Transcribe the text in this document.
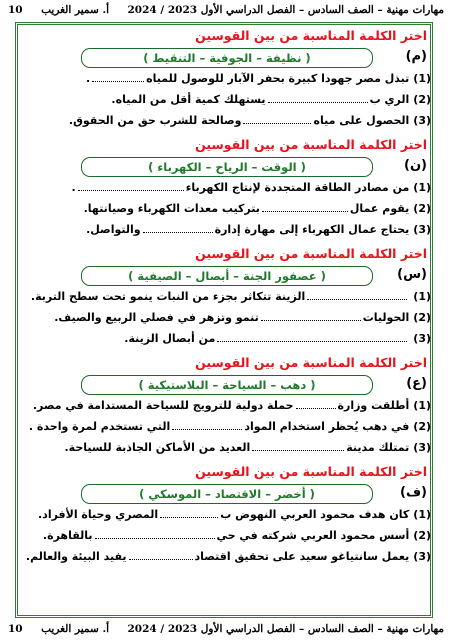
مهارات مهنية – الصف السادس – الفصل الدراسي الأول 2023 / 2024
أ. سمير الغريب
10
اختر الكلمة المناسبة من بين القوسين
(م)
( نظيفة – الجوفية – التنقيط )
(1)
تبذل مصر جهودا كبيرة بحفر الآبار للوصول للمياه
.
(2)
الري ب
يستهلك كمية أقل من المياه.
(3)
الحصول على مياه
وصالحة للشرب حق من الحقوق.
اختر الكلمة المناسبة من بين القوسين
(ن)
( الوقت – الرياح – الكهرباء )
(1)
من مصادر الطاقة المتجددة لإنتاج الكهرباء
.
(2)
يقوم عمال
بتركيب معدات الكهرباء وصيانتها.
(3)
يحتاج عمال الكهرباء إلى مهارة إدارة
والتواصل.
اختر الكلمة المناسبة من بين القوسين
(س)
( عصفور الجنة – أبصال – الصيفية )
(1)
الزينة تتكاثر بجزء من النبات ينمو تحت سطح التربة.
(2)
الحوليات
تنمو وتزهر في فصلي الربيع والصيف.
(3)
من أبصال الزينة.
اختر الكلمة المناسبة من بين القوسين
(ع)
( دهب – السياحة – البلاستيكية )
(1)
أطلقت وزارة
حملة دولية للترويج للسياحة المستدامة في مصر.
(2)
في دهب يُحظر استخدام المواد
التي تستخدم لمرة واحدة .
(3)
تمتلك مدينة
العديد من الأماكن الجاذبة للسياحة.
اختر الكلمة المناسبة من بين القوسين
(ف)
( أخضر – الاقتصاد – الموسكي )
(1)
كان هدف محمود العربي النهوض ب
المصري وحياة الأفراد.
(2)
أسس محمود العربي شركته في حي
بالقاهرة.
(3)
يعمل سانتياغو سعيد على تحقيق اقتصاد
يفيد البيئة والعالم.
مهارات مهنية – الصف السادس – الفصل الدراسي الأول 2023 / 2024
أ. سمير الغريب
10
